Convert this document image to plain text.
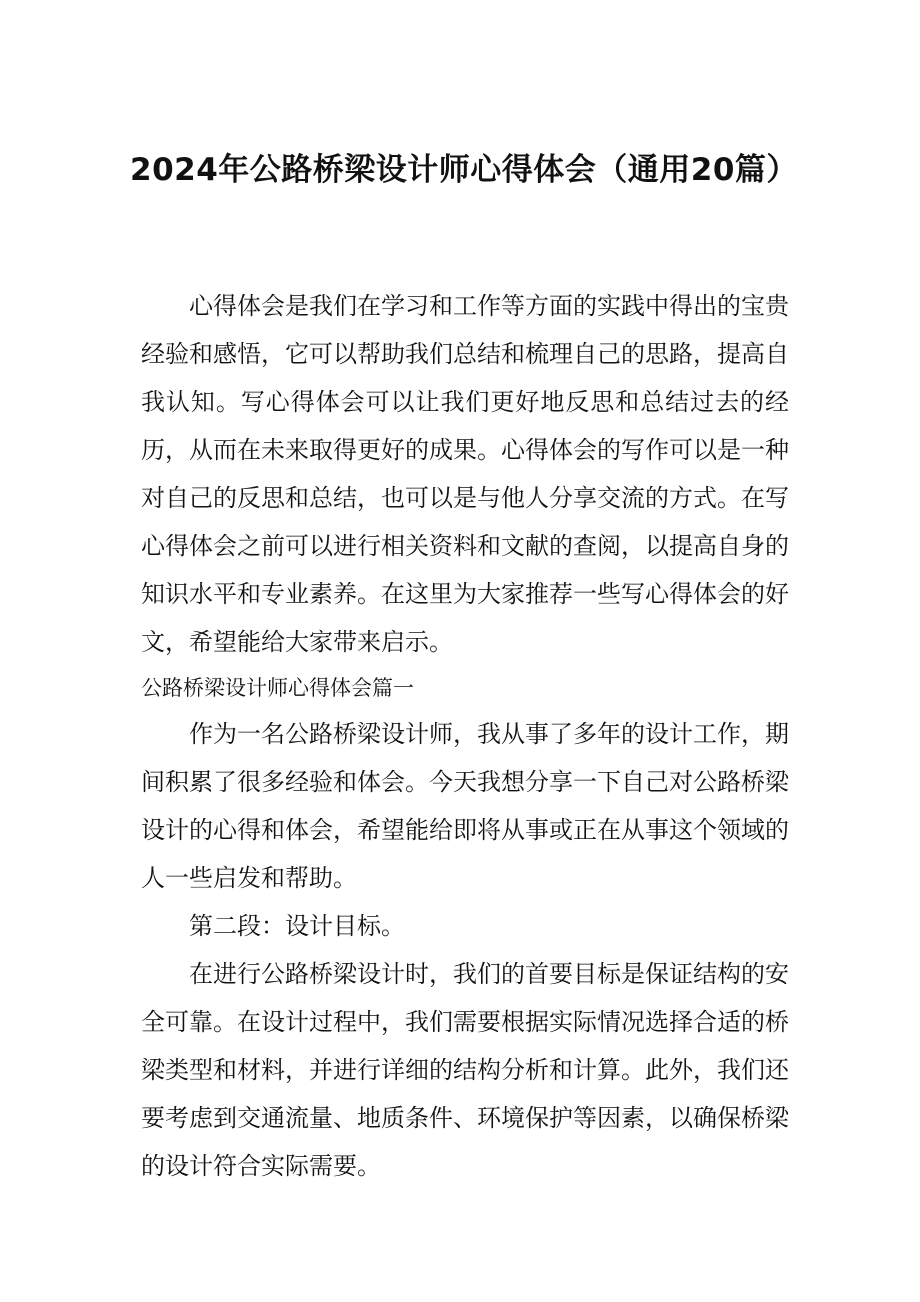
2024年公路桥梁设计师心得体会（通用20篇）

心得体会是我们在学习和工作等方面的实践中得出的宝贵经验和感悟，它可以帮助我们总结和梳理自己的思路，提高自我认知。写心得体会可以让我们更好地反思和总结过去的经历，从而在未来取得更好的成果。心得体会的写作可以是一种对自己的反思和总结，也可以是与他人分享交流的方式。在写心得体会之前可以进行相关资料和文献的查阅，以提高自身的知识水平和专业素养。在这里为大家推荐一些写心得体会的好文，希望能给大家带来启示。

公路桥梁设计师心得体会篇一

作为一名公路桥梁设计师，我从事了多年的设计工作，期间积累了很多经验和体会。今天我想分享一下自己对公路桥梁设计的心得和体会，希望能给即将从事或正在从事这个领域的人一些启发和帮助。

第二段：设计目标。

在进行公路桥梁设计时，我们的首要目标是保证结构的安全可靠。在设计过程中，我们需要根据实际情况选择合适的桥梁类型和材料，并进行详细的结构分析和计算。此外，我们还要考虑到交通流量、地质条件、环境保护等因素，以确保桥梁的设计符合实际需要。
